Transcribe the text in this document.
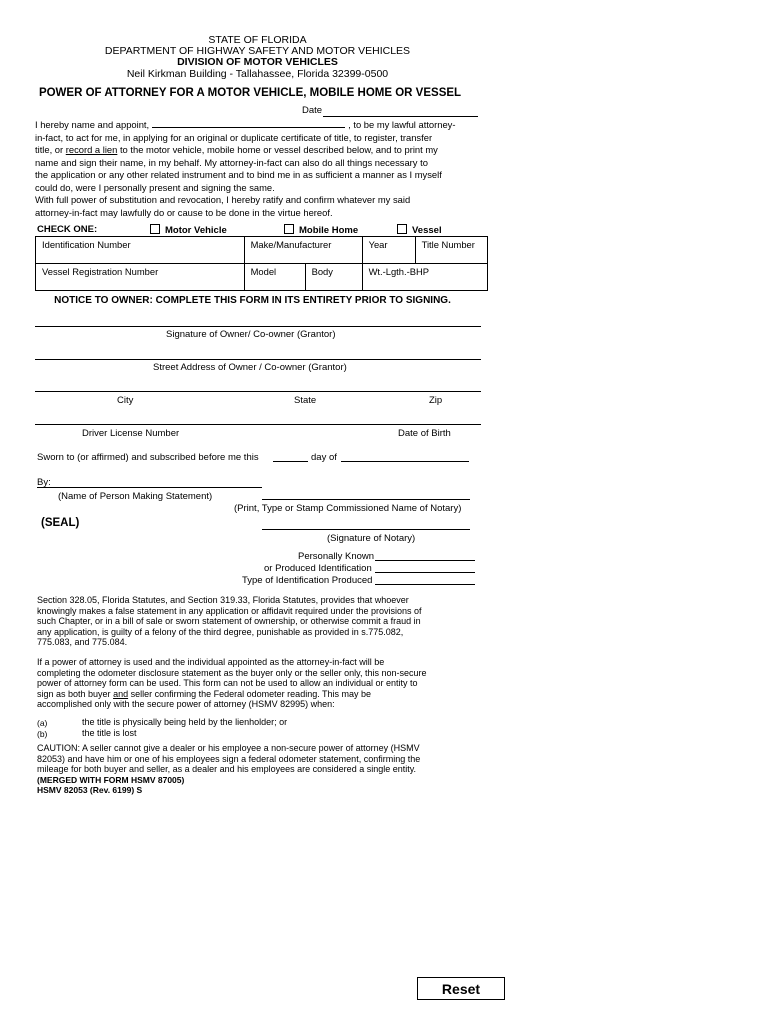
STATE OF FLORIDA
DEPARTMENT OF HIGHWAY SAFETY AND MOTOR VEHICLES
DIVISION OF MOTOR VEHICLES
Neil Kirkman Building - Tallahassee, Florida 32399-0500
POWER OF ATTORNEY FOR A MOTOR VEHICLE, MOBILE HOME OR VESSEL
Date
I hereby name and appoint,	, to be my lawful attorney-
in-fact, to act for me, in applying for an original or duplicate certificate of title, to register, transfer
title, or record a lien to the motor vehicle, mobile home or vessel described below, and to print my
name and sign their name, in my behalf. My attorney-in-fact can also do all things necessary to
the application or any other related instrument and to bind me in as sufficient a manner as I myself
could do, were I personally present and signing the same.
With full power of substitution and revocation, I hereby ratify and confirm whatever my said
attorney-in-fact may lawfully do or cause to be done in the virtue hereof.
CHECK ONE:	Motor Vehicle	Mobile Home	Vessel
Identification Number	Make/Manufacturer		Year	Title Number
Vessel Registration Number	Model	Body	Wt.-Lgth.-BHP	
NOTICE TO OWNER: COMPLETE THIS FORM IN ITS ENTIRETY PRIOR TO SIGNING.
Signature of Owner/ Co-owner (Grantor)
Street Address of Owner / Co-owner (Grantor)
City	State	Zip
Driver License Number	Date of Birth
Sworn to (or affirmed) and subscribed before me this	day of
By:
(Name of Person Making Statement)
(Print, Type or Stamp Commissioned Name of Notary)
(SEAL)
(Signature of Notary)
Personally Known
or Produced Identification
Type of Identification Produced
Section 328.05, Florida Statutes, and Section 319.33, Florida Statutes, provides that whoever
knowingly makes a false statement in any application or affidavit required under the provisions of
such Chapter, or in a bill of sale or sworn statement of ownership, or otherwise commit a fraud in
any application, is guilty of a felony of the third degree, punishable as provided in s.775.082,
775.083, and 775.084.
If a power of attorney is used and the individual appointed as the attorney-in-fact will be
completing the odometer disclosure statement as the buyer only or the seller only, this non-secure
power of attorney form can be used. This form can not be used to allow an individual or entity to
sign as both buyer and seller confirming the Federal odometer reading. This may be
accomplished only with the secure power of attorney (HSMV 82995) when:
(a)	the title is physically being held by the lienholder; or
(b)	the title is lost
CAUTION: A seller cannot give a dealer or his employee a non-secure power of attorney (HSMV
82053) and have him or one of his employees sign a federal odometer statement, confirming the
mileage for both buyer and seller, as a dealer and his employees are considered a single entity.
(MERGED WITH FORM HSMV 87005)
HSMV 82053 (Rev. 6199) S
Reset
